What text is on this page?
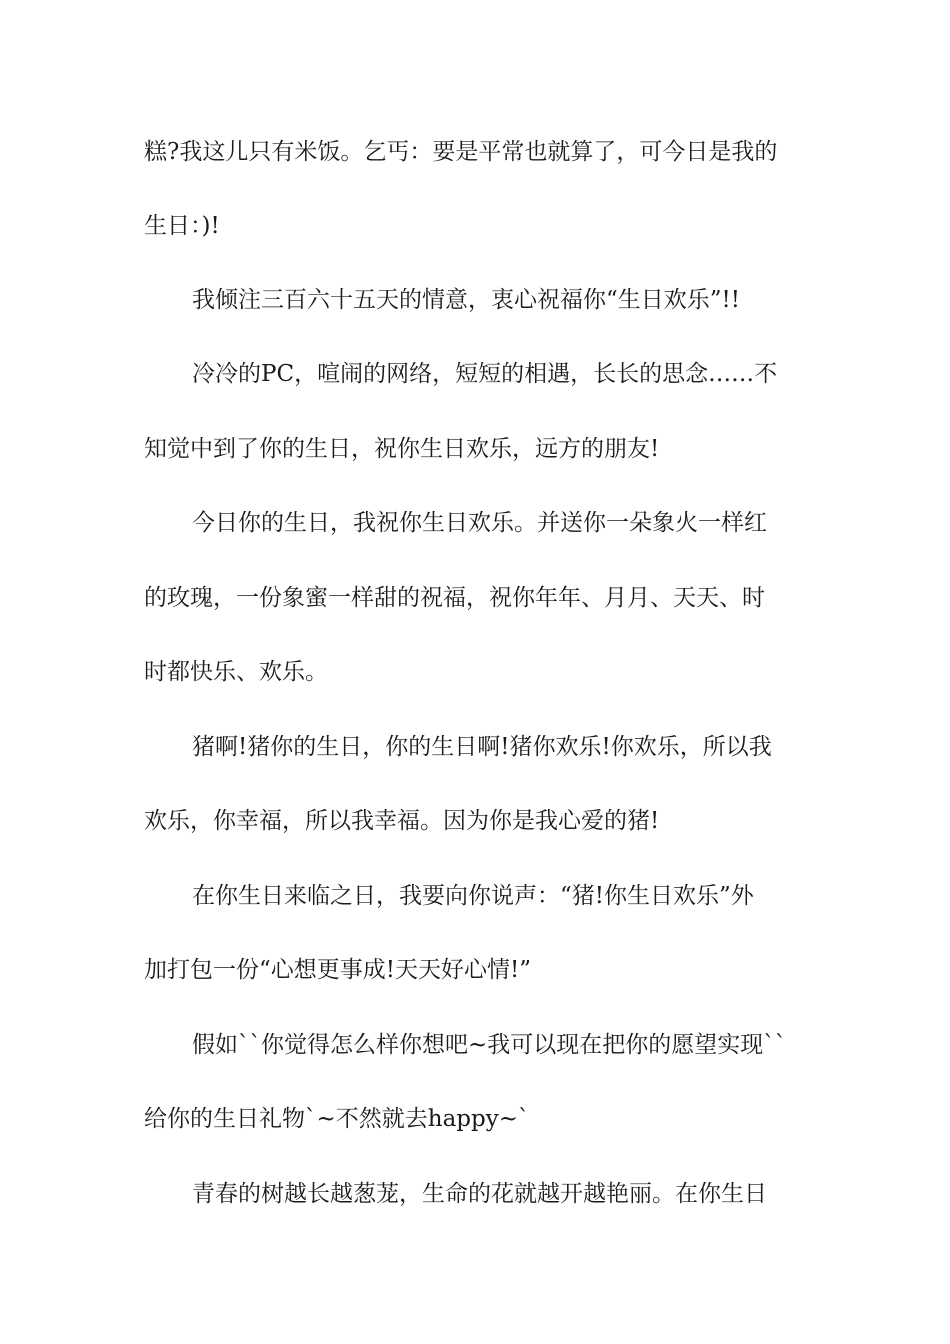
糕?我这儿只有米饭。乞丐：要是平常也就算了，可今日是我的
生日：)!
我倾注三百六十五天的情意，衷心祝福你“生日欢乐”!!
冷冷的PC，喧闹的网络，短短的相遇，长长的思念……不
知觉中到了你的生日，祝你生日欢乐，远方的朋友!
今日你的生日，我祝你生日欢乐。并送你一朵象火一样红
的玫瑰，一份象蜜一样甜的祝福，祝你年年、月月、天天、时
时都快乐、欢乐。
猪啊!猪你的生日，你的生日啊!猪你欢乐!你欢乐，所以我
欢乐，你幸福，所以我幸福。因为你是我心爱的猪!
在你生日来临之日，我要向你说声：“猪!你生日欢乐”外
加打包一份“心想更事成!天天好心情!”
假如``你觉得怎么样你想吧~我可以现在把你的愿望实现``
给你的生日礼物`~不然就去happy~`
青春的树越长越葱茏，生命的花就越开越艳丽。在你生日
